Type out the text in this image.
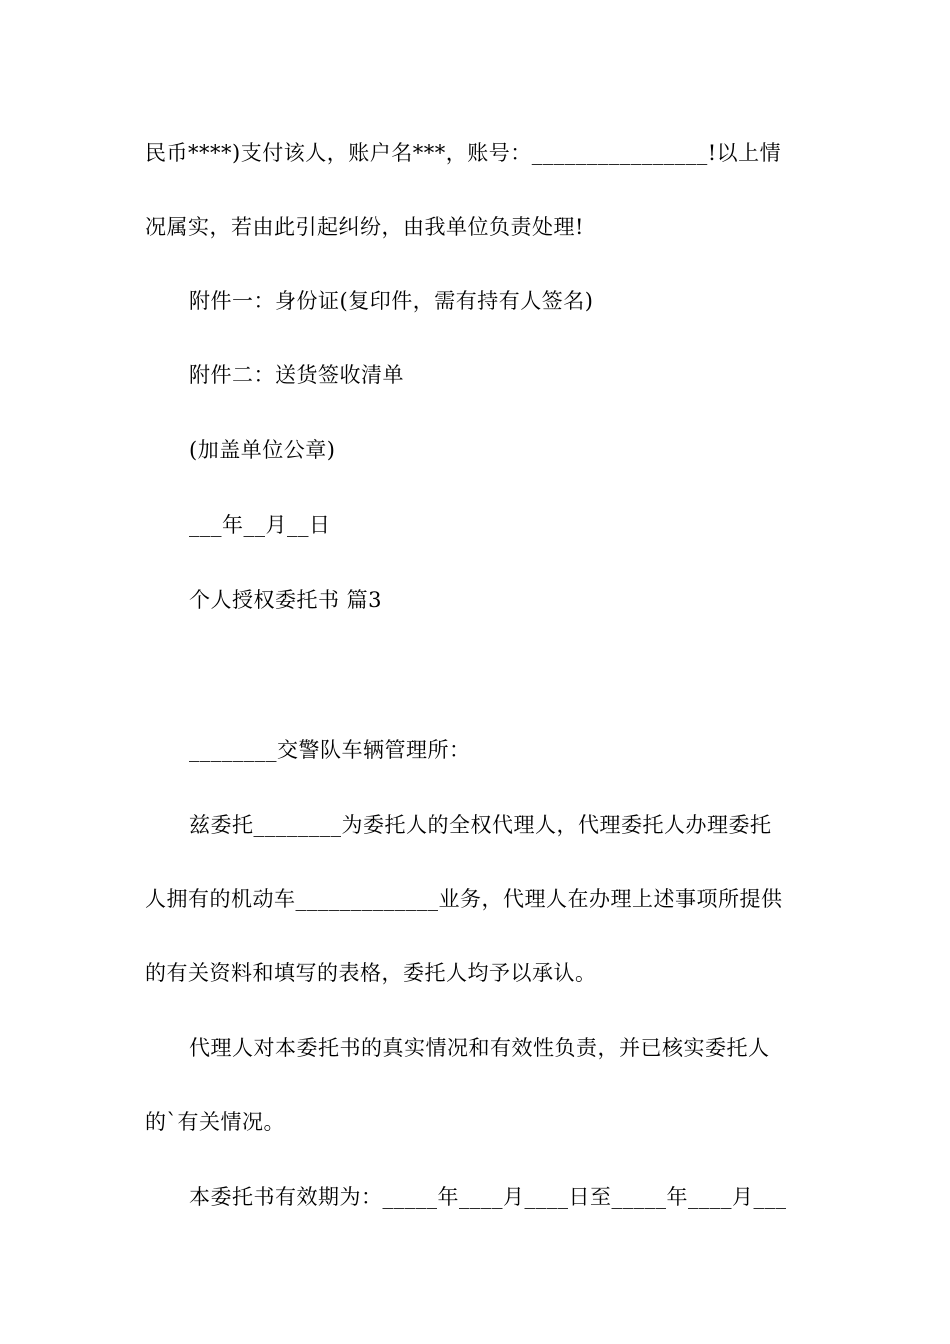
民币****)支付该人，账户名***，账号：________________!以上情
况属实，若由此引起纠纷，由我单位负责处理!
附件一：身份证(复印件，需有持有人签名)
附件二：送货签收清单
(加盖单位公章)
___年__月__日
个人授权委托书 篇3
________交警队车辆管理所：
兹委托________为委托人的全权代理人，代理委托人办理委托
人拥有的机动车_____________业务，代理人在办理上述事项所提供
的有关资料和填写的表格，委托人均予以承认。
代理人对本委托书的真实情况和有效性负责，并已核实委托人
的`有关情况。
本委托书有效期为：_____年____月____日至_____年____月___
